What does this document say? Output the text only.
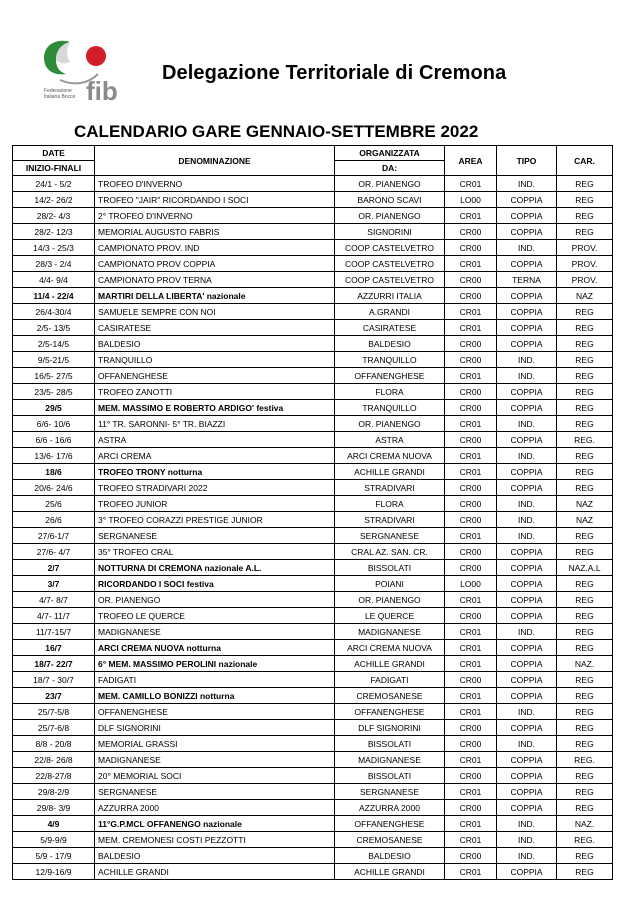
fib
Federazione
Italiana Bocce
Delegazione Territoriale di Cremona
CALENDARIO GARE GENNAIO-SETTEMBRE 2022
DATE	DENOMINAZIONE	ORGANIZZATA	AREA	TIPO	CAR.
INIZIO-FINALI		DA:			
24/1 - 5/2	TROFEO D'INVERNO	OR. PIANENGO	CR01	IND.	REG
14/2- 26/2	TROFEO "JAIR" RICORDANDO I SOCI	BARONO SCAVI	LO00	COPPIA	REG
28/2- 4/3	2° TROFEO D'INVERNO	OR. PIANENGO	CR01	COPPIA	REG
28/2- 12/3	MEMORIAL AUGUSTO FABRIS	SIGNORINI	CR00	COPPIA	REG
14/3 - 25/3	CAMPIONATO PROV. IND	COOP CASTELVETRO	CR00	IND.	PROV.
28/3 - 2/4	CAMPIONATO PROV COPPIA	COOP CASTELVETRO	CR01	COPPIA	PROV.
4/4- 9/4	CAMPIONATO PROV TERNA	COOP CASTELVETRO	CR00	TERNA	PROV.
11/4 - 22/4	MARTIRI DELLA LIBERTA' nazionale	AZZURRI ITALIA	CR00	COPPIA	NAZ
26/4-30/4	SAMUELE SEMPRE CON NOI	A.GRANDI	CR01	COPPIA	REG
2/5- 13/5	CASIRATESE	CASIRATESE	CR01	COPPIA	REG
2/5-14/5	BALDESIO	BALDESIO	CR00	COPPIA	REG
9/5-21/5	TRANQUILLO	TRANQUILLO	CR00	IND.	REG
16/5- 27/5	OFFANENGHESE	OFFANENGHESE	CR01	IND.	REG
23/5- 28/5	TROFEO ZANOTTI	FLORA	CR00	COPPIA	REG
29/5	MEM. MASSIMO E ROBERTO ARDIGO' festiva	TRANQUILLO	CR00	COPPIA	REG
6/6- 10/6	11° TR. SARONNI- 5° TR. BIAZZI	OR. PIANENGO	CR01	IND.	REG
6/6 - 16/6	ASTRA	ASTRA	CR00	COPPIA	REG.
13/6- 17/6	ARCI CREMA	ARCI CREMA NUOVA	CR01	IND.	REG
18/6	TROFEO TRONY notturna	ACHILLE GRANDI	CR01	COPPIA	REG
20/6- 24/6	TROFEO STRADIVARI 2022	STRADIVARI	CR00	COPPIA	REG
25/6	TROFEO JUNIOR	FLORA	CR00	IND.	NAZ
26/6	3° TROFEO CORAZZI PRESTIGE JUNIOR	STRADIVARI	CR00	IND.	NAZ
27/6-1/7	SERGNANESE	SERGNANESE	CR01	IND.	REG
27/6- 4/7	35° TROFEO CRAL	CRAL AZ. SAN. CR.	CR00	COPPIA	REG
2/7	NOTTURNA DI CREMONA nazionale A.L.	BISSOLATI	CR00	COPPIA	NAZ.A.L
3/7	RICORDANDO I SOCI festiva	POIANI	LO00	COPPIA	REG
4/7- 8/7	OR. PIANENGO	OR. PIANENGO	CR01	COPPIA	REG
4/7- 11/7	TROFEO LE QUERCE	LE QUERCE	CR00	COPPIA	REG
11/7-15/7	MADIGNANESE	MADIGNANESE	CR01	IND.	REG
16/7	ARCI CREMA NUOVA notturna	ARCI CREMA NUOVA	CR01	COPPIA	REG
18/7- 22/7	6° MEM. MASSIMO PEROLINI nazionale	ACHILLE GRANDI	CR01	COPPIA	NAZ.
18/7 - 30/7	FADIGATI	FADIGATI	CR00	COPPIA	REG
23/7	MEM. CAMILLO BONIZZI notturna	CREMOSANESE	CR01	COPPIA	REG
25/7-5/8	OFFANENGHESE	OFFANENGHESE	CR01	IND.	REG
25/7-6/8	DLF SIGNORINI	DLF SIGNORINI	CR00	COPPIA	REG
8/8 - 20/8	MEMORIAL GRASSI	BISSOLATI	CR00	IND.	REG
22/8- 26/8	MADIGNANESE	MADIGNANESE	CR01	COPPIA	REG.
22/8-27/8	20° MEMORIAL SOCI	BISSOLATI	CR00	COPPIA	REG
29/8-2/9	SERGNANESE	SERGNANESE	CR01	COPPIA	REG
29/8- 3/9	AZZURRA 2000	AZZURRA 2000	CR00	COPPIA	REG
4/9	11°G.P.MCL OFFANENGO nazionale	OFFANENGHESE	CR01	IND.	NAZ.
5/9-9/9	MEM. CREMONESI COSTI PEZZOTTI	CREMOSANESE	CR01	IND.	REG.
5/9 - 17/9	BALDESIO	BALDESIO	CR00	IND.	REG
12/9-16/9	ACHILLE GRANDI	ACHILLE GRANDI	CR01	COPPIA	REG
